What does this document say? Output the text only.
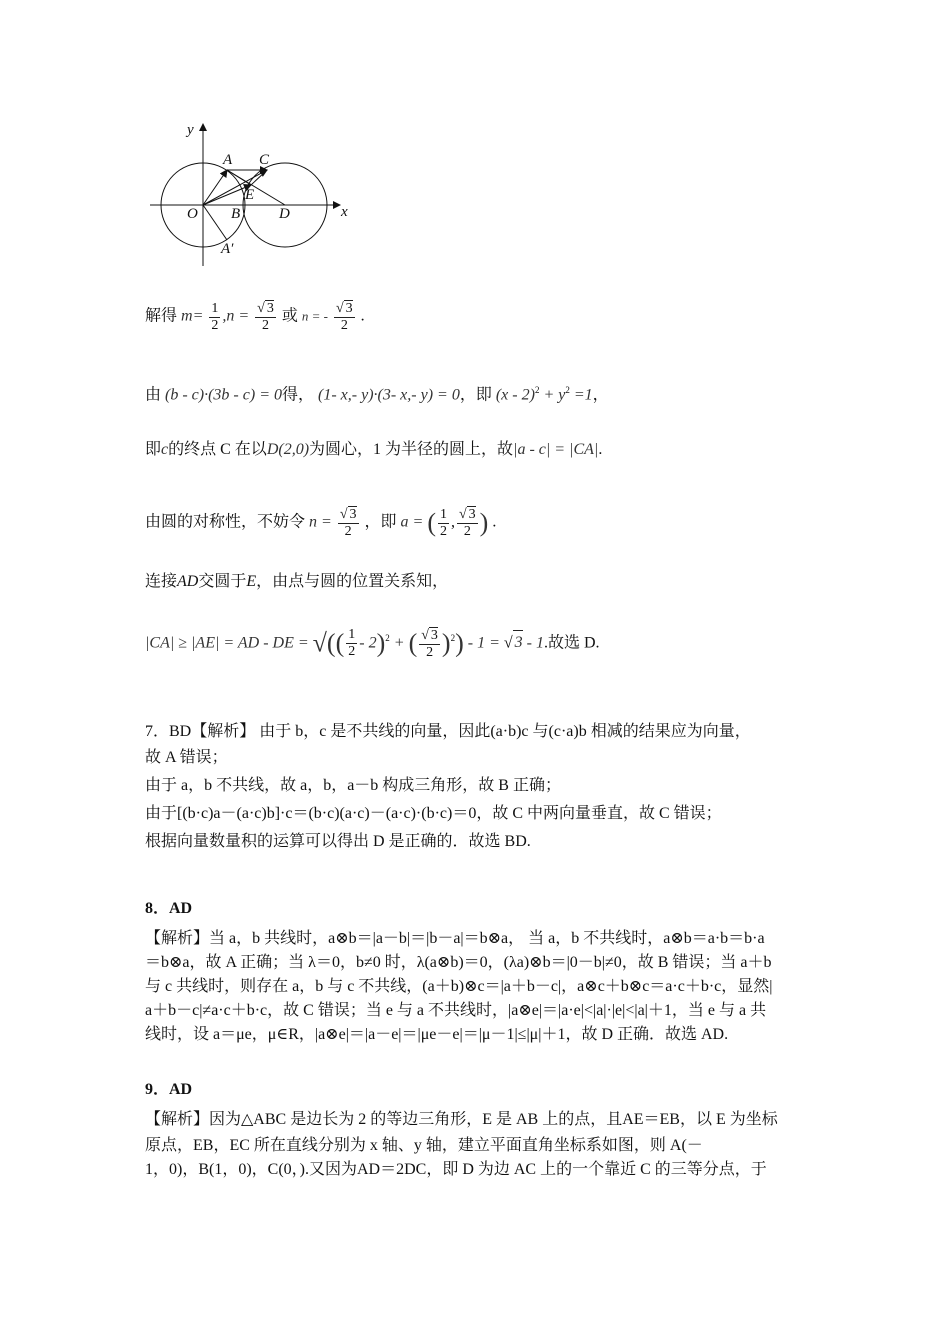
y
x
A C
E
O B	D
A′
解得 $m= \frac{1}{2} ,n = \frac{√ 3}{2}$ 或 n = - $\frac{√ 3}{2}$ .
由 (b - c)·(3b - c) = 0得， (1- x,- y)·(3- x,- y) = 0，即 $(x - 2)^2 + y^2 =1$，
即c的终点 C 在以D(2,0)为圆心，1 为半径的圆上，故|a - c| = |CA|.
由圆的对称性，不妨令 $n = \frac{√ 3}{2}$ ，即 a = ( $\frac{1}{2}$ , $\frac{√ 3}{2}$ ) .
连接AD交圆于E，由点与圆的位置关系知，
|CA| ≥ |AE| = AD - DE = √(( $\frac{1}{2} - 2)^2$ + ( $\frac{√ 3}{2} )^2) - 1$ = √ 3 - 1.故选 D.
7．BD【解析】 由于 b，c 是不共线的向量，因此(a·b)c 与(c·a)b 相减的结果应为向量，
故 A 错误；
由于 a，b 不共线，故 a，b，a－b 构成三角形，故 B 正确；
由于[(b·c)a－(a·c)b]·c＝(b·c)(a·c)－(a·c)·(b·c)＝0，故 C 中两向量垂直，故 C 错误；
根据向量数量积的运算可以得出 D 是正确的．故选 BD.
8．AD
【解析】当 a，b 共线时，a⊗b＝|a－b|＝|b－a|＝b⊗a， 当 a，b 不共线时，a⊗b＝a·b＝b·a
＝b⊗a，故 A 正确；当 λ＝0，b≠0 时，λ(a⊗b)＝0，(λa)⊗b＝|0－b|≠0，故 B 错误；当 a＋b
与 c 共线时，则存在 a，b 与 c 不共线，(a＋b)⊗c＝|a＋b－c|，a⊗c＋b⊗c＝a·c＋b·c，显然|
a＋b－c|≠a·c＋b·c，故 C 错误；当 e 与 a 不共线时，|a⊗e|＝|a·e|<|a|·|e|<|a|＋1，当 e 与 a 共
线时，设 a＝μe，μ∈R，|a⊗e|＝|a－e|＝|μe－e|＝|μ－1|≤|μ|＋1，故 D 正确．故选 AD.
9．AD
【解析】因为△ABC 是边长为 2 的等边三角形，E 是 AB 上的点，且AE＝EB，以 E 为坐标
原点，EB，EC 所在直线分别为 x 轴、y 轴，建立平面直角坐标系如图，则 A(－
1，0)，B(1，0)，C(0，).又因为AD＝2DC，即 D 为边 AC 上的一个靠近 C 的三等分点，于
